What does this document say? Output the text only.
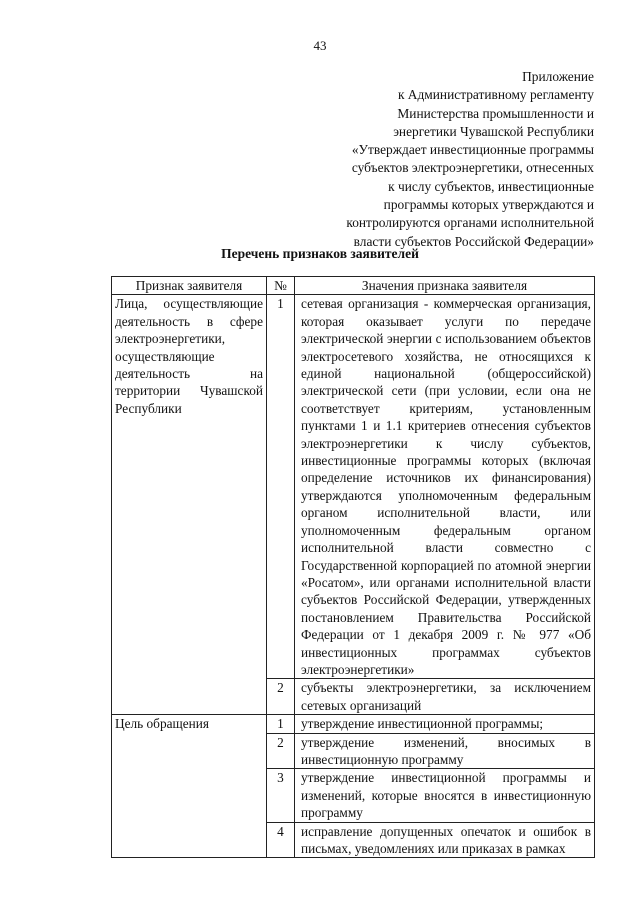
43
Приложение
к Административному регламенту
Министерства промышленности и
энергетики Чувашской Республики
«Утверждает инвестиционные программы
субъектов электроэнергетики, отнесенных
к числу субъектов, инвестиционные
программы которых утверждаются и
контролируются органами исполнительной
власти субъектов Российской Федерации»
Перечень признаков заявителей
Признак заявителя	№	Значения признака заявителя
Лица, осуществляющие деятельность в сфере электроэнергетики, осуществляющие деятельность на территории Чувашской Республики	1	сетевая организация - коммерческая организация, которая оказывает услуги по передаче электрической энергии с использованием объектов электросетевого хозяйства, не относящихся к единой национальной (общероссийской) электрической сети (при условии, если она не соответствует критериям, установленным пунктами 1 и 1.1 критериев отнесения субъектов электроэнергетики к числу субъектов, инвестиционные программы которых (включая определение источников их финансирования) утверждаются уполномоченным федеральным органом исполнительной власти, или уполномоченным федеральным органом исполнительной власти совместно с Государственной корпорацией по атомной энергии «Росатом», или органами исполнительной власти субъектов Российской Федерации, утвержденных постановлением Правительства Российской Федерации от 1 декабря 2009 г. № 977 «Об инвестиционных программах субъектов электроэнергетики»
	2	субъекты электроэнергетики, за исключением сетевых организаций
Цель обращения	1	утверждение инвестиционной программы;
	2	утверждение изменений, вносимых в инвестиционную программу
	3	утверждение инвестиционной программы и изменений, которые вносятся в инвестиционную программу
	4	исправление допущенных опечаток и ошибок в письмах, уведомлениях или приказах в рамках
